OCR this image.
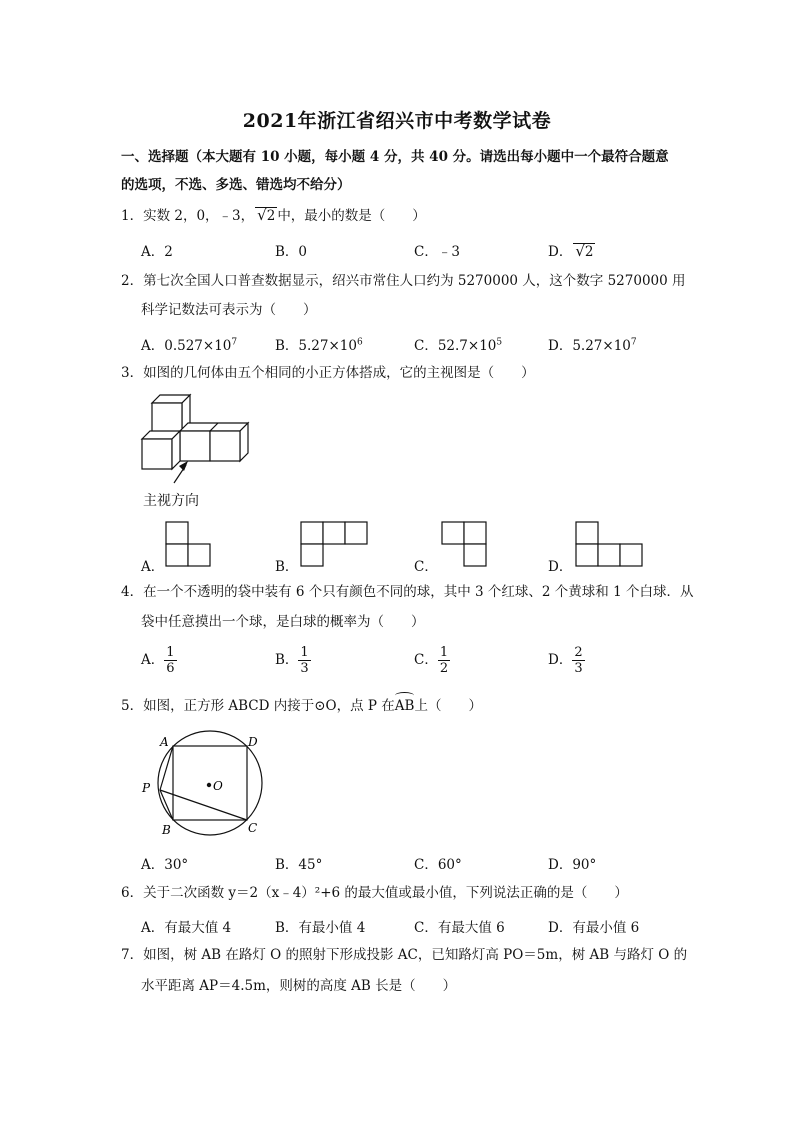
2021年浙江省绍兴市中考数学试卷
一、选择题（本大题有 10 小题，每小题 4 分，共 40 分。请选出每小题中一个最符合题意
的选项，不选、多选、错选均不给分）
1．实数 2，0，﹣3， √2 中，最小的数是（　　）
A．2	B．0	C．﹣3	D． √2
2．第七次全国人口普查数据显示，绍兴市常住人口约为 5270000 人，这个数字 5270000 用
科学记数法可表示为（　　）
A．$0.527\times 10^7$	B．$5.27\times 10^6$	C．$52.7\times 10^5$	D．$5.27\times 10^7$
3．如图的几何体由五个相同的小正方体搭成，它的主视图是（　　）
主视方向
A．	B．	C．	D．
4．在一个不透明的袋中装有 6 个只有颜色不同的球，其中 3 个红球、2 个黄球和 1 个白球．从
袋中任意摸出一个球，是白球的概率为（　　）
A． $\frac{1}{6}$	B． $\frac{1}{3}$	C． $\frac{1}{2}$	D． $\frac{2}{3}$
5．如图，正方形 ABCD 内接于⊙O，点 P 在AB上（　　）
A	D
P
B	C
O
A．30°	B．45°	C．60°	D．90°
6．关于二次函数 y＝2（x﹣4）²+6 的最大值或最小值，下列说法正确的是（　　）
A．有最大值 4	B．有最小值 4	C．有最大值 6	D．有最小值 6
7．如图，树 AB 在路灯 O 的照射下形成投影 AC，已知路灯高 PO＝5m，树 AB 与路灯 O 的
水平距离 AP＝4.5m，则树的高度 AB 长是（　　）
